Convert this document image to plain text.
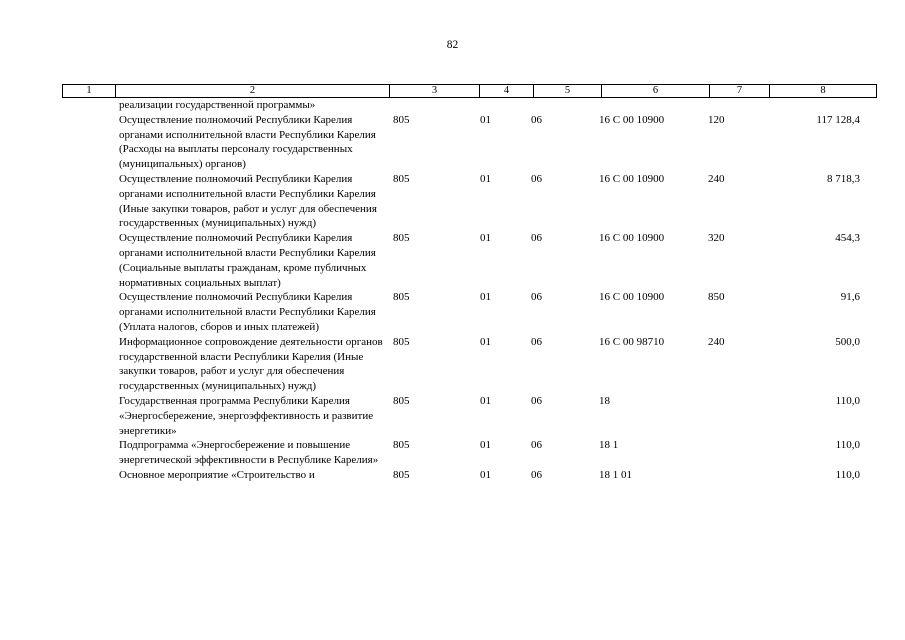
82
1	2	3	4	5	6	7	8
реализации государственной программы»						
Осуществление полномочий Республики Карелия органами исполнительной власти Республики Карелия (Расходы на выплаты персоналу государственных (муниципальных) органов)	805	01	06	16 С 00 10900	120	117 128,4
Осуществление полномочий Республики Карелия органами исполнительной власти Республики Карелия (Иные закупки товаров, работ и услуг для обеспечения государственных (муниципальных) нужд)	805	01	06	16 С 00 10900	240	8 718,3
Осуществление полномочий Республики Карелия органами исполнительной власти Республики Карелия (Социальные выплаты гражданам, кроме публичных нормативных социальных выплат)	805	01	06	16 С 00 10900	320	454,3
Осуществление полномочий Республики Карелия органами исполнительной власти Республики Карелия (Уплата налогов, сборов и иных платежей)	805	01	06	16 С 00 10900	850	91,6
Информационное сопровождение деятельности органов государственной власти Республики Карелия (Иные закупки товаров, работ и услуг для обеспечения государственных (муниципальных) нужд)	805	01	06	16 С 00 98710	240	500,0
Государственная программа Республики Карелия «Энергосбережение, энергоэффективность и развитие энергетики»	805	01	06	18		110,0
Подпрограмма «Энергосбережение и повышение энергетической эффективности в Республике Карелия»	805	01	06	18 1		110,0
Основное мероприятие «Строительство и	805	01	06	18 1 01		110,0
